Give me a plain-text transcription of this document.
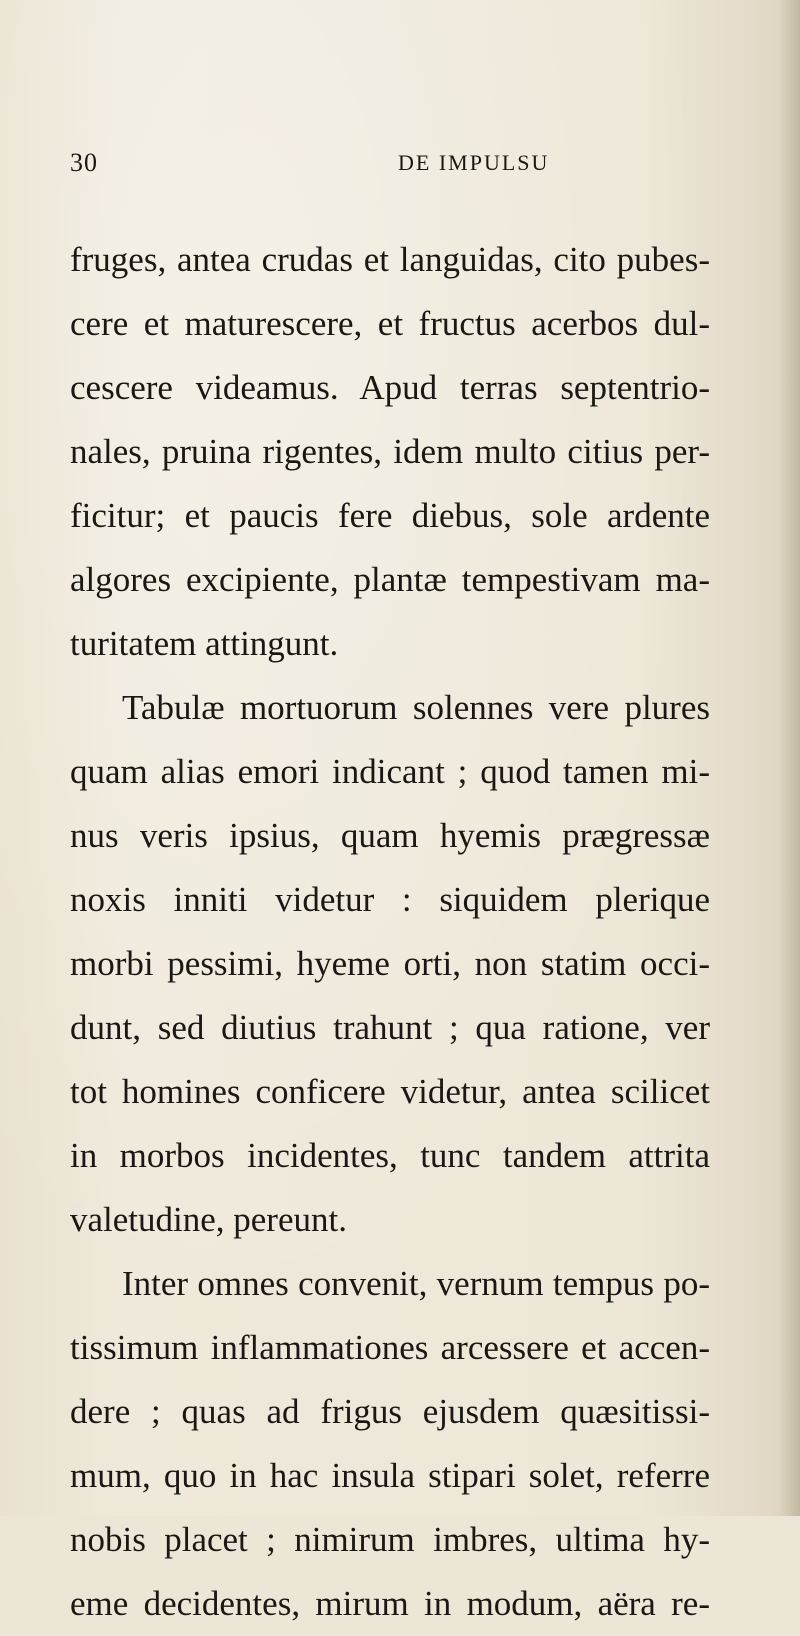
30	DE IMPULSU
fruges, antea crudas et languidas, cito pubes-
cere et maturescere, et fructus acerbos dul-
cescere videamus. Apud terras septentrio-
nales, pruina rigentes, idem multo citius per-
ficitur; et paucis fere diebus, sole ardente
algores excipiente, plantæ tempestivam ma-
turitatem attingunt.
Tabulæ mortuorum solennes vere plures
quam alias emori indicant ; quod tamen mi-
nus veris ipsius, quam hyemis prægressæ
noxis inniti videtur : siquidem plerique
morbi pessimi, hyeme orti, non statim occi-
dunt, sed diutius trahunt ; qua ratione, ver
tot homines conficere videtur, antea scilicet
in morbos incidentes, tunc tandem attrita
valetudine, pereunt.
Inter omnes convenit, vernum tempus po-
tissimum inflammationes arcessere et accen-
dere ; quas ad frigus ejusdem quæsitissi-
mum, quo in hac insula stipari solet, referre
nobis placet ; nimirum imbres, ultima hy-
eme decidentes, mirum in modum, aëra re-
